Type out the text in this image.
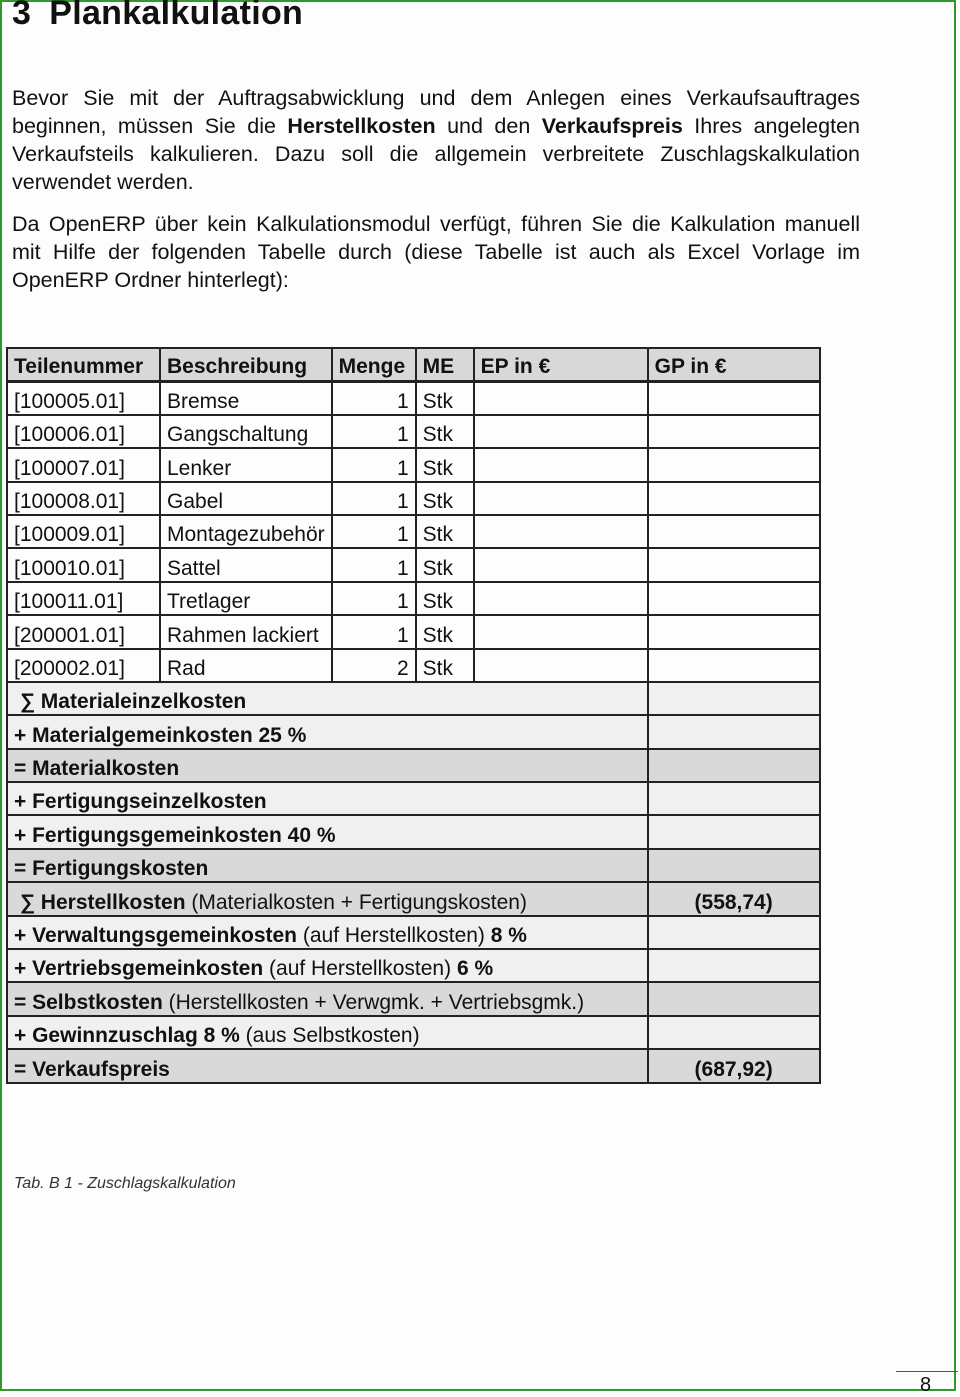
3 Plankalkulation

Bevor Sie mit der Auftragsabwicklung und dem Anlegen eines Verkaufsauftrages beginnen, müssen Sie die Herstellkosten und den Verkaufspreis Ihres angelegten Verkaufsteils kalkulieren. Dazu soll die allgemein verbreitete Zuschlagskalkulation verwendet werden.

Da OpenERP über kein Kalkulationsmodul verfügt, führen Sie die Kalkulation manuell mit Hilfe der folgenden Tabelle durch (diese Tabelle ist auch als Excel Vorlage im OpenERP Ordner hinterlegt):

Teilenummer	Beschreibung	Menge	ME	EP in €	GP in €
[100005.01]	Bremse	1	Stk		
[100006.01]	Gangschaltung	1	Stk		
[100007.01]	Lenker	1	Stk		
[100008.01]	Gabel	1	Stk		
[100009.01]	Montagezubehör	1	Stk		
[100010.01]	Sattel	1	Stk		
[100011.01]	Tretlager	1	Stk		
[200001.01]	Rahmen lackiert	1	Stk		
[200002.01]	Rad	2	Stk		
∑ Materialeinzelkosten					
+ Materialgemeinkosten 25 %					
= Materialkosten					
+ Fertigungseinzelkosten					
+ Fertigungsgemeinkosten 40 %					
= Fertigungskosten					
∑ Herstellkosten (Materialkosten + Fertigungskosten)					(558,74)
+ Verwaltungsgemeinkosten (auf Herstellkosten) 8 %					
+ Vertriebsgemeinkosten (auf Herstellkosten) 6 %					
= Selbstkosten (Herstellkosten + Verwgmk. + Vertriebsgmk.)					
+ Gewinnzuschlag 8 % (aus Selbstkosten)					
= Verkaufspreis					(687,92)
Tab. B 1 - Zuschlagskalkulation
8
